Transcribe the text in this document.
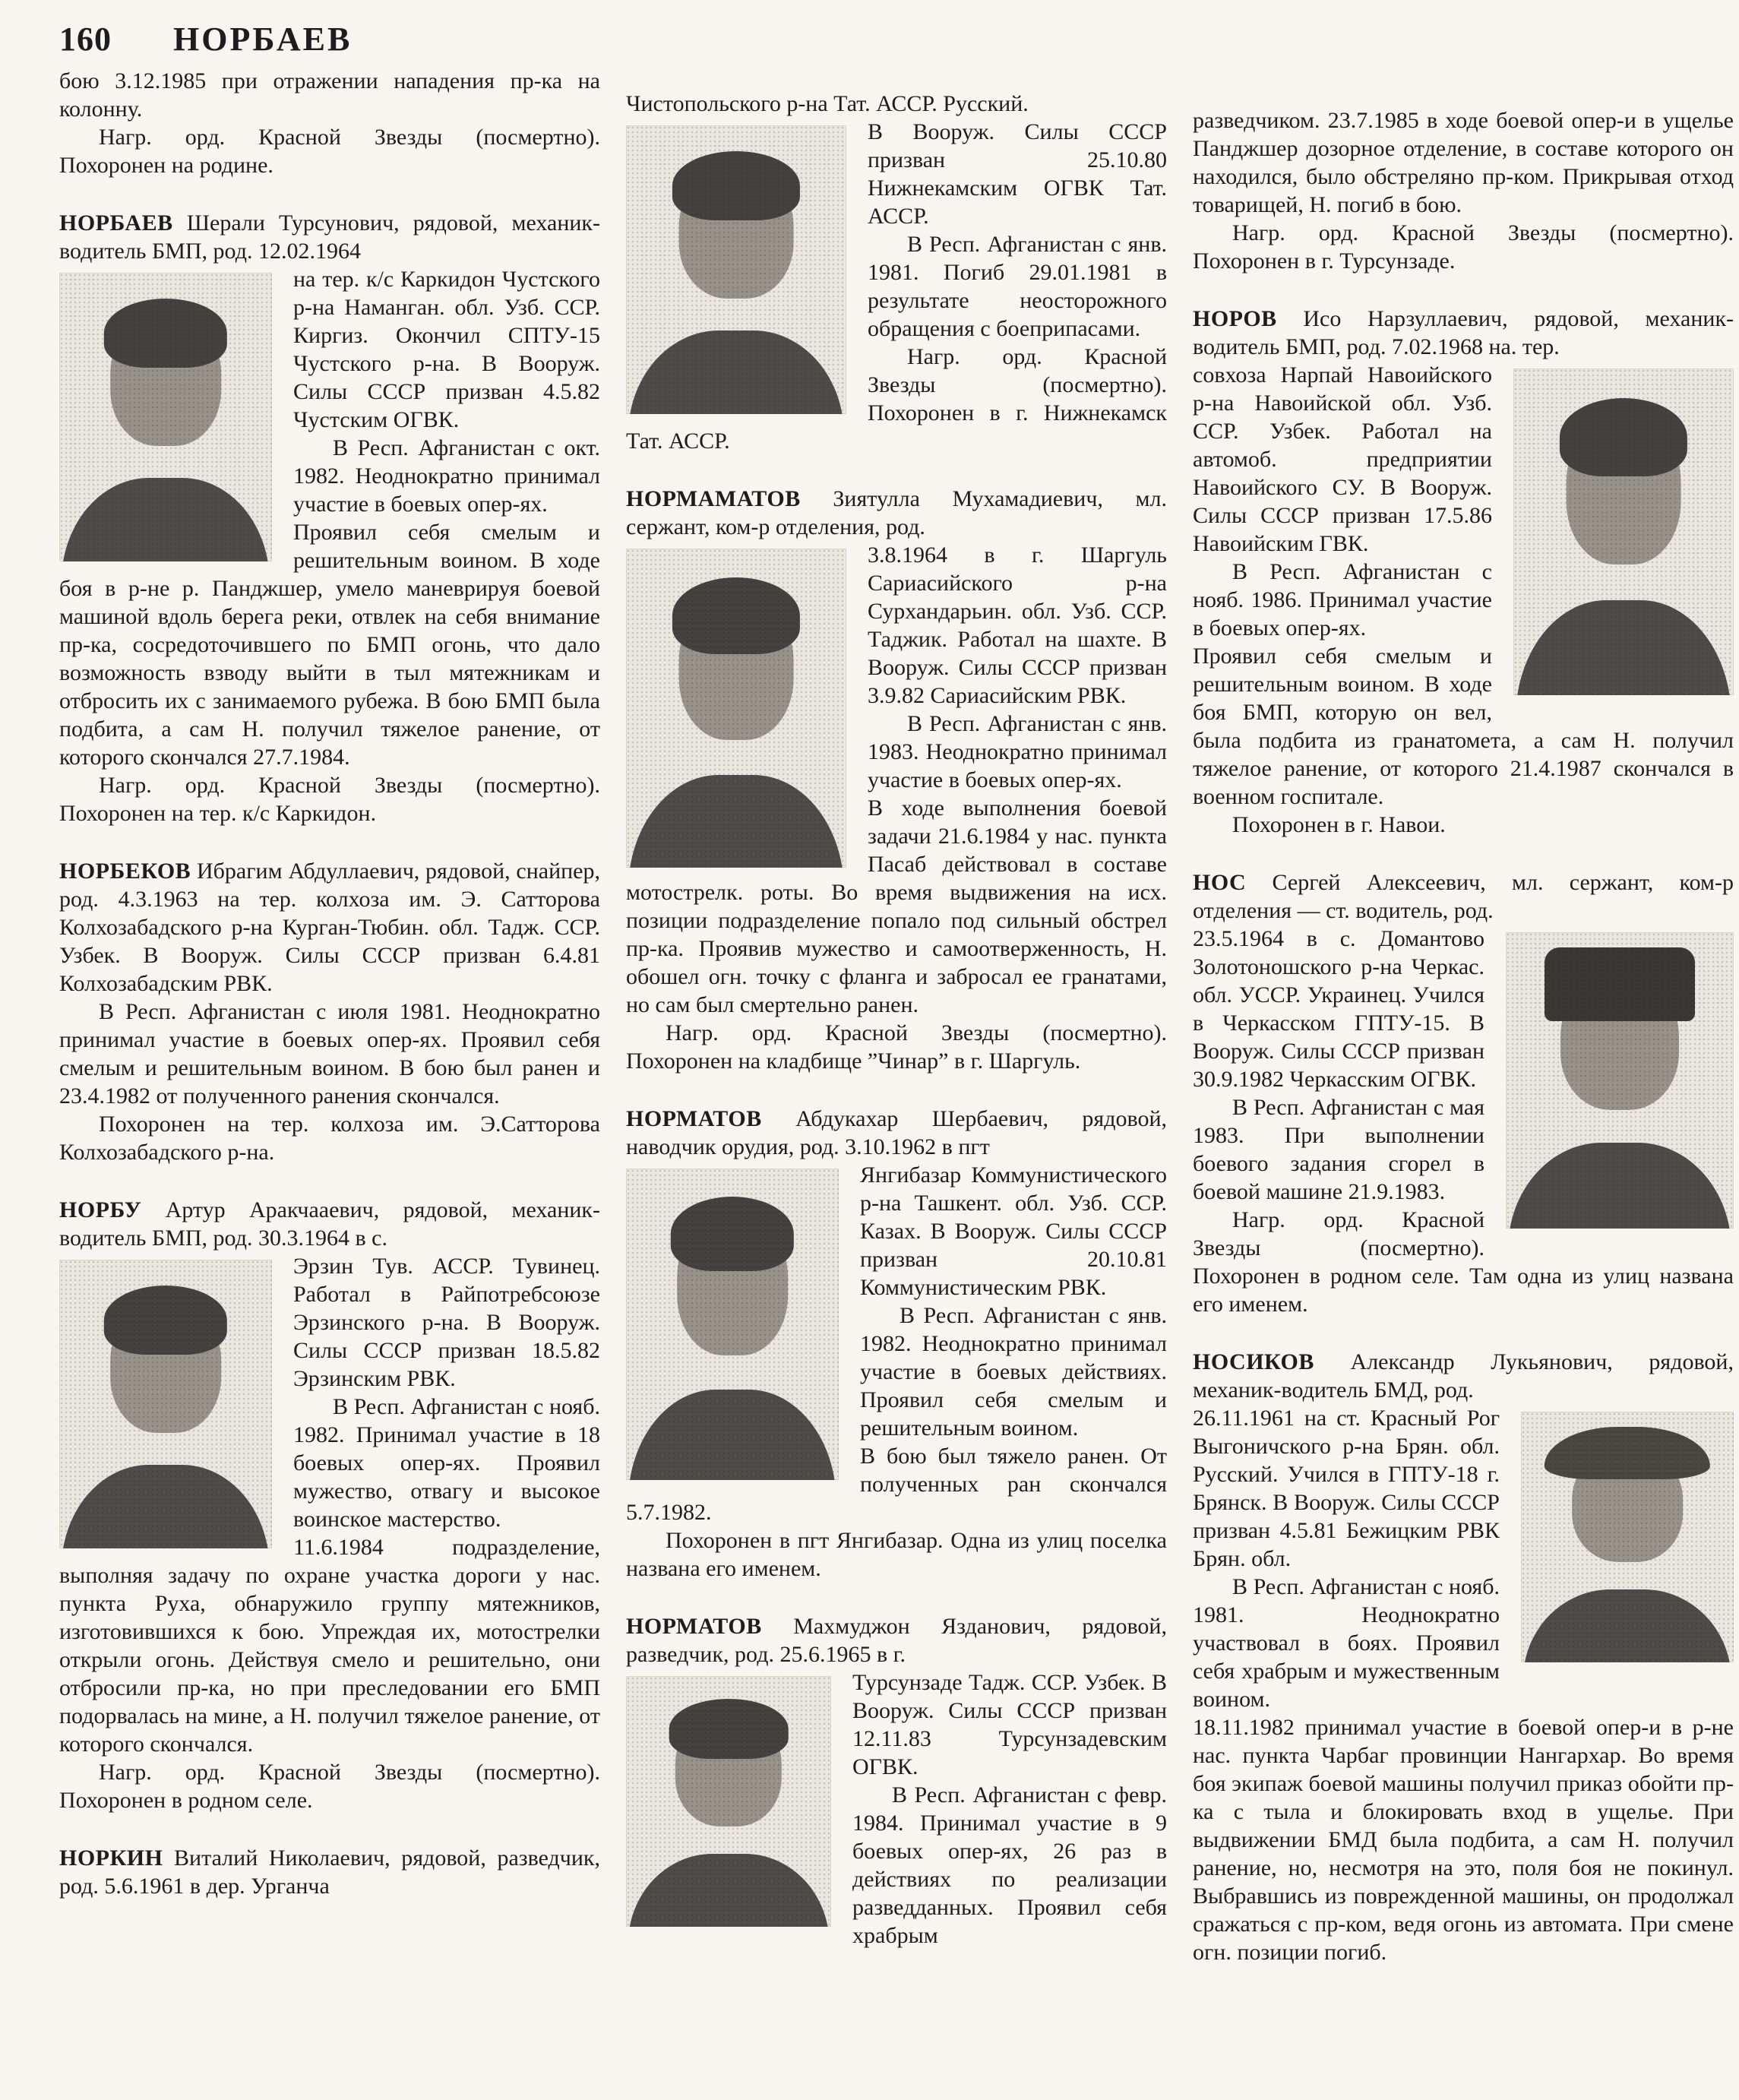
160 НОРБАЕВ

бою 3.12.1985 при отражении нападения пр-ка на колонну.

Нагр. орд. Красной Звезды (посмертно). Похоронен на родине.

НОРБАЕВ Шерали Турсунович, рядовой, механик-водитель БМП, род. 12.02.1964

на тер. к/с Каркидон Чустского р-на Наманган. обл. Узб. ССР. Киргиз. Окончил СПТУ-15 Чустского р-на. В Вооруж. Силы СССР призван 4.5.82 Чустским ОГВК.

В Респ. Афганистан с окт. 1982. Неоднократно принимал участие в боевых опер-ях.

Проявил себя смелым и решительным воином. В ходе боя в р-не р. Панджшер, умело маневрируя боевой машиной вдоль берега реки, отвлек на себя внимание пр-ка, сосредоточившего по БМП огонь, что дало возможность взводу выйти в тыл мятежникам и отбросить их с занимаемого рубежа. В бою БМП была подбита, а сам Н. получил тяжелое ранение, от которого скончался 27.7.1984.

Нагр. орд. Красной Звезды (посмертно). Похоронен на тер. к/с Каркидон.

НОРБЕКОВ Ибрагим Абдуллаевич, рядовой, снайпер, род. 4.3.1963 на тер. колхоза им. Э. Сатторова Колхозабадского р-на Курган-Тюбин. обл. Тадж. ССР. Узбек. В Вооруж. Силы СССР призван 6.4.81 Колхозабадским РВК.

В Респ. Афганистан с июля 1981. Неоднократно принимал участие в боевых опер-ях. Проявил себя смелым и решительным воином. В бою был ранен и 23.4.1982 от полученного ранения скончался.

Похоронен на тер. колхоза им. Э.Сатторова Колхозабадского р-на.

НОРБУ Артур Аракчааевич, рядовой, механик-водитель БМП, род. 30.3.1964 в с.

Эрзин Тув. АССР. Тувинец. Работал в Райпотребсоюзе Эрзинского р-на. В Вооруж. Силы СССР призван 18.5.82 Эрзинским РВК.

В Респ. Афганистан с нояб. 1982. Принимал участие в 18 боевых опер-ях. Проявил мужество, отвагу и высокое воинское мастерство.

11.6.1984 подразделение, выполняя задачу по охране участка дороги у нас. пункта Руха, обнаружило группу мятежников, изготовившихся к бою. Упреждая их, мотострелки открыли огонь. Действуя смело и решительно, они отбросили пр-ка, но при преследовании его БМП подорвалась на мине, а Н. получил тяжелое ранение, от которого скончался.

Нагр. орд. Красной Звезды (посмертно). Похоронен в родном селе.

НОРКИН Виталий Николаевич, рядовой, разведчик, род. 5.6.1961 в дер. Урганча

Чистопольского р-на Тат. АССР. Русский.

В Вооруж. Силы СССР призван 25.10.80 Нижнекамским ОГВК Тат. АССР.

В Респ. Афганистан с янв. 1981. Погиб 29.01.1981 в результате неосторожного обращения с боеприпасами.

Нагр. орд. Красной Звезды (посмертно). Похоронен в г. Нижнекамск Тат. АССР.

НОРМАМАТОВ Зиятулла Мухамадиевич, мл. сержант, ком-р отделения, род.

3.8.1964 в г. Шаргуль Сариасийского р-на Сурхандарьин. обл. Узб. ССР. Таджик. Работал на шахте. В Вооруж. Силы СССР призван 3.9.82 Сариасийским РВК.

В Респ. Афганистан с янв. 1983. Неоднократно принимал участие в боевых опер-ях.

В ходе выполнения боевой задачи 21.6.1984 у нас. пункта Пасаб действовал в составе мотострелк. роты. Во время выдвижения на исх. позиции подразделение попало под сильный обстрел пр-ка. Проявив мужество и самоотверженность, Н. обошел огн. точку с фланга и забросал ее гранатами, но сам был смертельно ранен.

Нагр. орд. Красной Звезды (посмертно). Похоронен на кладбище ”Чинар” в г. Шаргуль.

НОРМАТОВ Абдукахар Шербаевич, рядовой, наводчик орудия, род. 3.10.1962 в пгт

Янгибазар Коммунистического р-на Ташкент. обл. Узб. ССР. Казах. В Вооруж. Силы СССР призван 20.10.81 Коммунистическим РВК.

В Респ. Афганистан с янв. 1982. Неоднократно принимал участие в боевых действиях. Проявил себя смелым и решительным воином.

В бою был тяжело ранен. От полученных ран скончался 5.7.1982.

Похоронен в пгт Янгибазар. Одна из улиц поселка названа его именем.

НОРМАТОВ Махмуджон Язданович, рядовой, разведчик, род. 25.6.1965 в г.

Турсунзаде Тадж. ССР. Узбек. В Вооруж. Силы СССР призван 12.11.83 Турсунзадевским ОГВК.

В Респ. Афганистан с февр. 1984. Принимал участие в 9 боевых опер-ях, 26 раз в действиях по реализации разведданных. Проявил себя храбрым

разведчиком. 23.7.1985 в ходе боевой опер-и в ущелье Панджшер дозорное отделение, в составе которого он находился, было обстреляно пр-ком. Прикрывая отход товарищей, Н. погиб в бою.

Нагр. орд. Красной Звезды (посмертно). Похоронен в г. Турсунзаде.

НОРОВ Исо Нарзуллаевич, рядовой, механик-водитель БМП, род. 7.02.1968 на. тер.

совхоза Нарпай Навоийского р-на Навоийской обл. Узб. ССР. Узбек. Работал на автомоб. предприятии Навоийского СУ. В Вооруж. Силы СССР призван 17.5.86 Навоийским ГВК.

В Респ. Афганистан с нояб. 1986. Принимал участие в боевых опер-ях.

Проявил себя смелым и решительным воином. В ходе боя БМП, которую он вел, была подбита из гранатомета, а сам Н. получил тяжелое ранение, от которого 21.4.1987 скончался в военном госпитале.

Похоронен в г. Навои.

НОС Сергей Алексеевич, мл. сержант, ком-р отделения — ст. водитель, род.

23.5.1964 в с. Домантово Золотоношского р-на Черкас. обл. УССР. Украинец. Учился в Черкасском ГПТУ-15. В Вооруж. Силы СССР призван 30.9.1982 Черкасским ОГВК.

В Респ. Афганистан с мая 1983. При выполнении боевого задания сгорел в боевой машине 21.9.1983.

Нагр. орд. Красной Звезды (посмертно). Похоронен в родном селе. Там одна из улиц названа его именем.

НОСИКОВ Александр Лукьянович, рядовой, механик-водитель БМД, род.

26.11.1961 на ст. Красный Рог Выгоничского р-на Брян. обл. Русский. Учился в ГПТУ-18 г. Брянск. В Вооруж. Силы СССР призван 4.5.81 Бежицким РВК Брян. обл.

В Респ. Афганистан с нояб. 1981. Неоднократно участвовал в боях. Проявил себя храбрым и мужественным воином.

18.11.1982 принимал участие в боевой опер-и в р-не нас. пункта Чарбаг провинции Нангархар. Во время боя экипаж боевой машины получил приказ обойти пр-ка с тыла и блокировать вход в ущелье. При выдвижении БМД была подбита, а сам Н. получил ранение, но, несмотря на это, поля боя не покинул. Выбравшись из поврежденной машины, он продолжал сражаться с пр-ком, ведя огонь из автомата. При смене огн. позиции погиб.
